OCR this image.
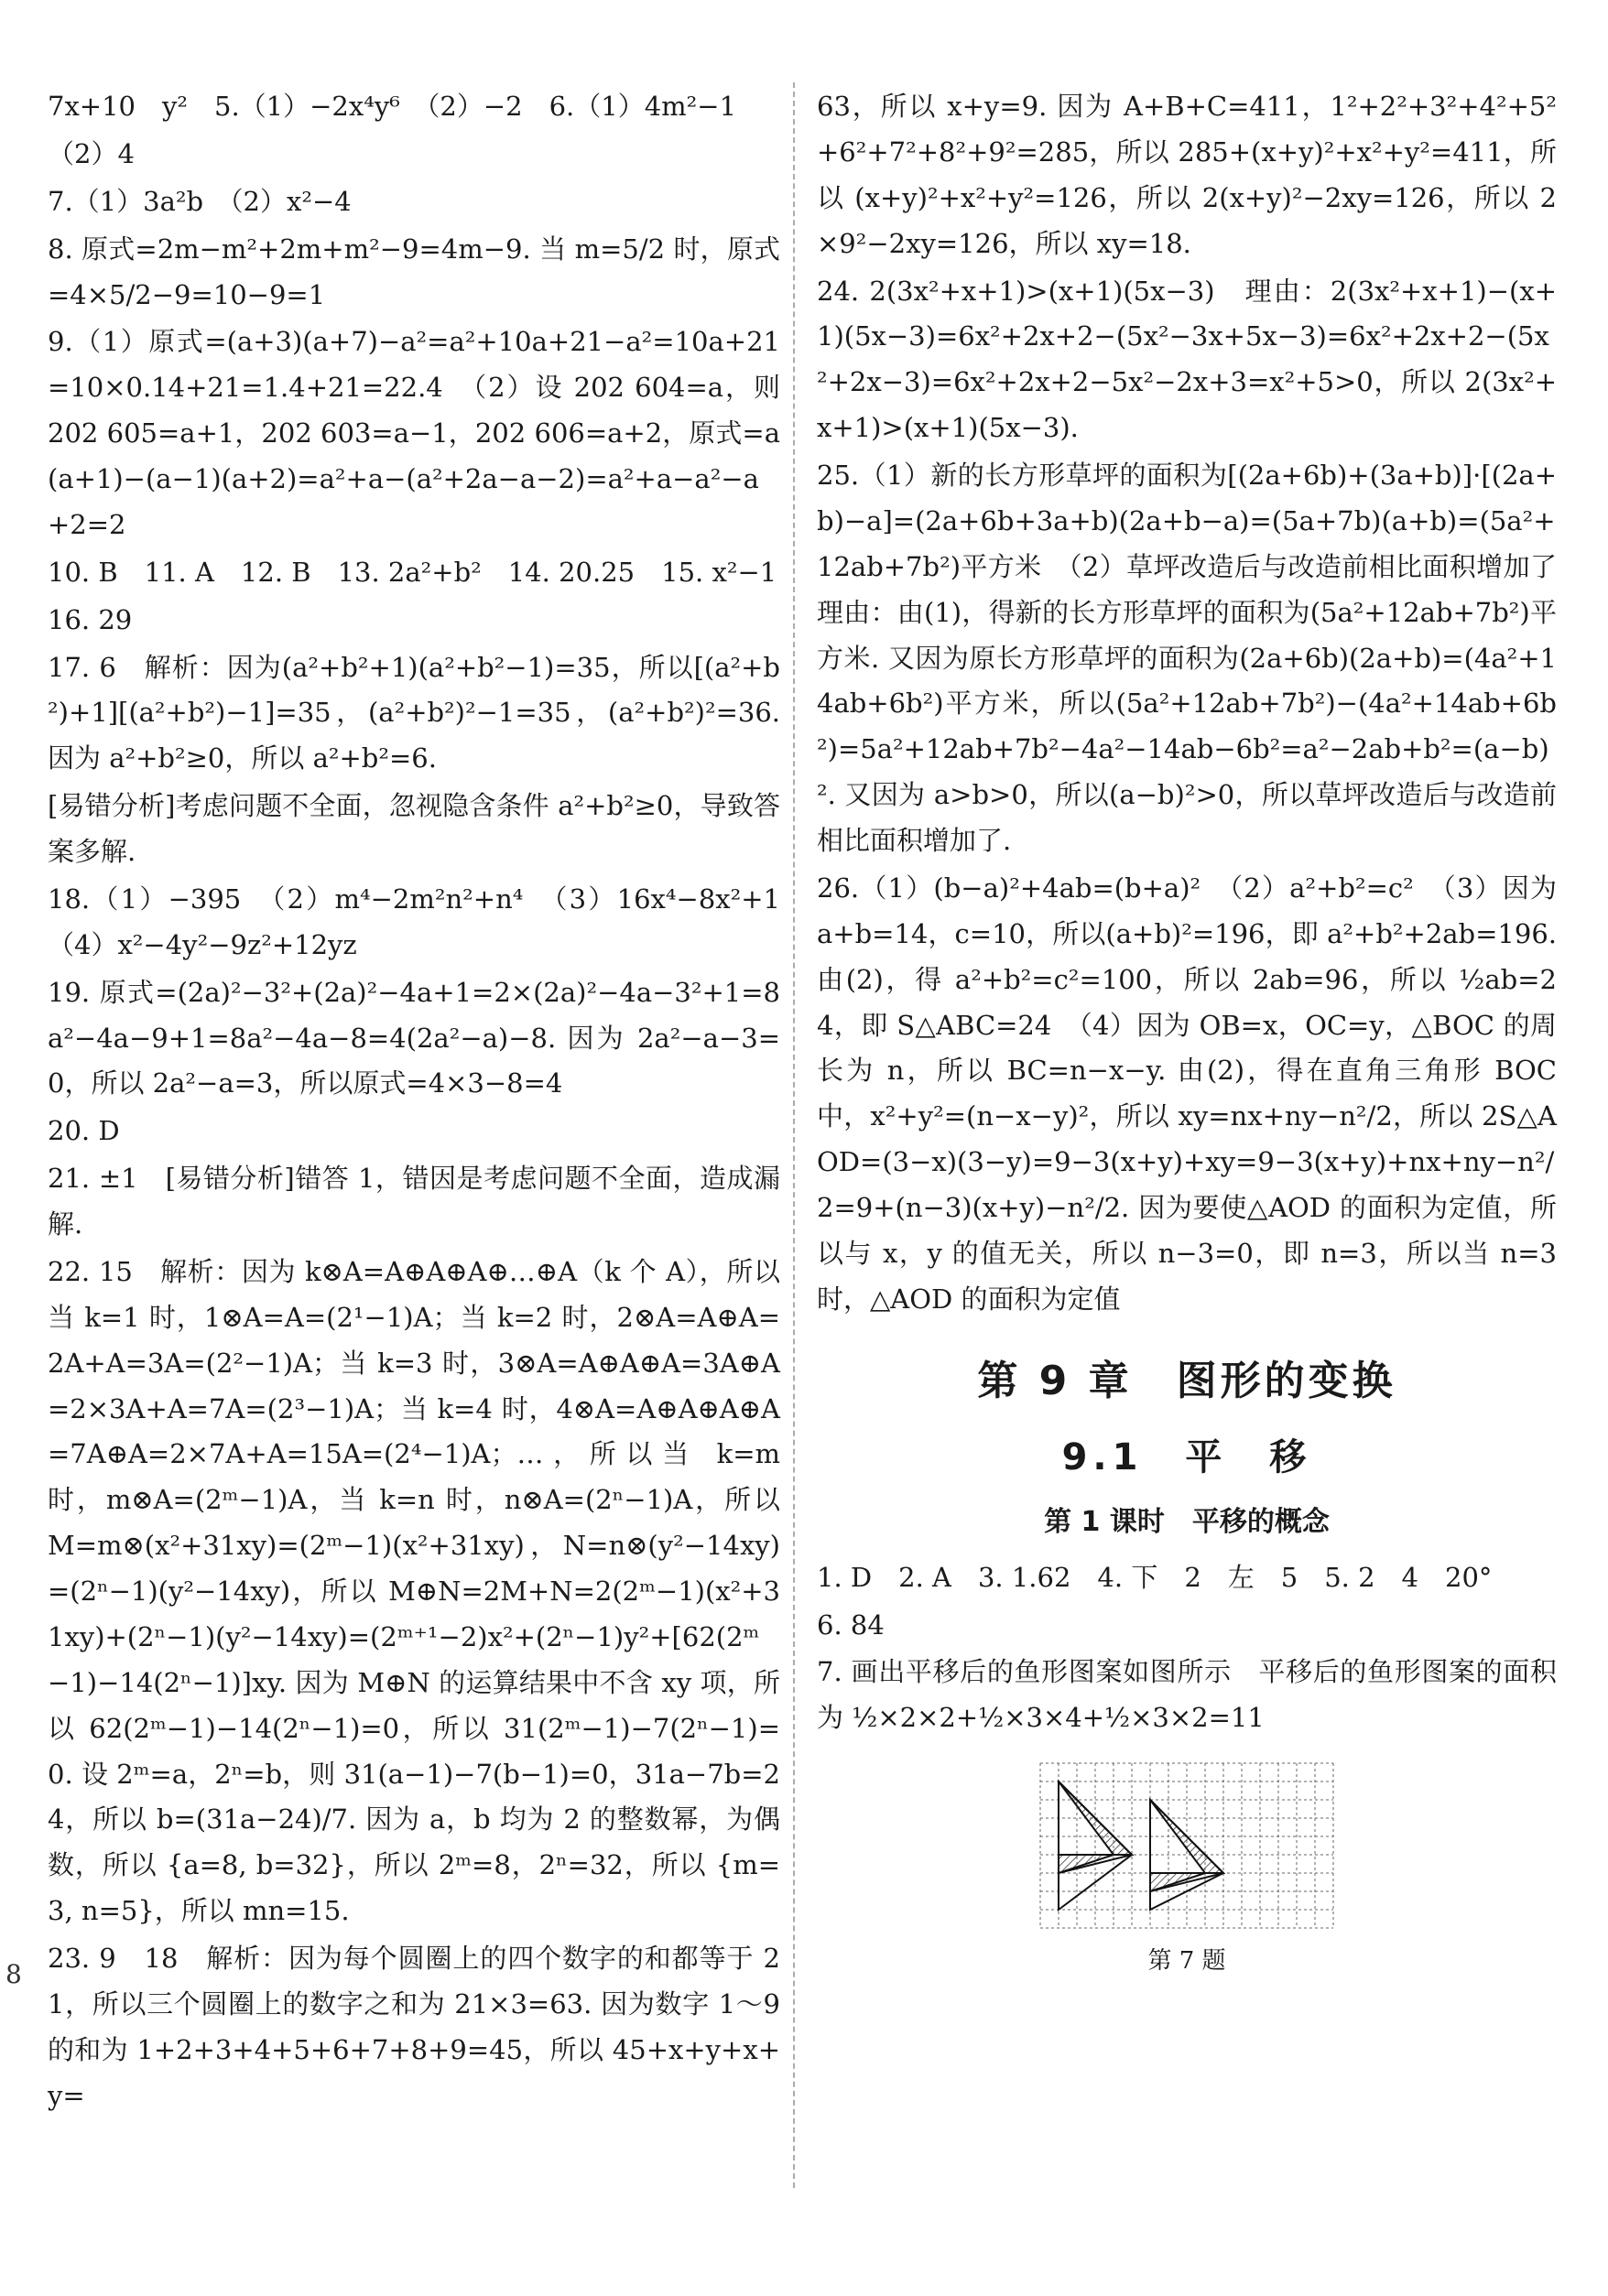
8

7x+10　y²　5.（1）−2x⁴y⁶　（2）−2　6.（1）4m²−1

（2）4

7.（1）3a²b　（2）x²−4

8. 原式=2m−m²+2m+m²−9=4m−9. 当 m=5/2 时，原式=4×5/2−9=10−9=1

9.（1）原式=(a+3)(a+7)−a²=a²+10a+21−a²=10a+21=10×0.14+21=1.4+21=22.4　（2）设 202 604=a，则 202 605=a+1，202 603=a−1，202 606=a+2，原式=a(a+1)−(a−1)(a+2)=a²+a−(a²+2a−a−2)=a²+a−a²−a+2=2

10. B　11. A　12. B　13. 2a²+b²　14. 20.25　15. x²−1

16. 29

17. 6　解析：因为(a²+b²+1)(a²+b²−1)=35，所以[(a²+b²)+1][(a²+b²)−1]=35，(a²+b²)²−1=35，(a²+b²)²=36. 因为 a²+b²≥0，所以 a²+b²=6.

[易错分析]考虑问题不全面，忽视隐含条件 a²+b²≥0，导致答案多解.

18.（1）−395　（2）m⁴−2m²n²+n⁴　（3）16x⁴−8x²+1　（4）x²−4y²−9z²+12yz

19. 原式=(2a)²−3²+(2a)²−4a+1=2×(2a)²−4a−3²+1=8a²−4a−9+1=8a²−4a−8=4(2a²−a)−8. 因为 2a²−a−3=0，所以 2a²−a=3，所以原式=4×3−8=4

20. D

21. ±1　[易错分析]错答 1，错因是考虑问题不全面，造成漏解.

22. 15　解析：因为 k⊗A=A⊕A⊕A⊕…⊕A（k 个 A），所以当 k=1 时，1⊗A=A=(2¹−1)A；当 k=2 时，2⊗A=A⊕A=2A+A=3A=(2²−1)A；当 k=3 时，3⊗A=A⊕A⊕A=3A⊕A=2×3A+A=7A=(2³−1)A；当 k=4 时，4⊗A=A⊕A⊕A⊕A=7A⊕A=2×7A+A=15A=(2⁴−1)A；…，所以当 k=m 时，m⊗A=(2ᵐ−1)A，当 k=n 时，n⊗A=(2ⁿ−1)A，所以 M=m⊗(x²+31xy)=(2ᵐ−1)(x²+31xy)，N=n⊗(y²−14xy)=(2ⁿ−1)(y²−14xy)，所以 M⊕N=2M+N=2(2ᵐ−1)(x²+31xy)+(2ⁿ−1)(y²−14xy)=(2ᵐ⁺¹−2)x²+(2ⁿ−1)y²+[62(2ᵐ−1)−14(2ⁿ−1)]xy. 因为 M⊕N 的运算结果中不含 xy 项，所以 62(2ᵐ−1)−14(2ⁿ−1)=0，所以 31(2ᵐ−1)−7(2ⁿ−1)=0. 设 2ᵐ=a，2ⁿ=b，则 31(a−1)−7(b−1)=0，31a−7b=24，所以 b=(31a−24)/7. 因为 a，b 均为 2 的整数幂，为偶数，所以 {a=8, b=32}，所以 2ᵐ=8，2ⁿ=32，所以 {m=3, n=5}，所以 mn=15.

23. 9　18　解析：因为每个圆圈上的四个数字的和都等于 21，所以三个圆圈上的数字之和为 21×3=63. 因为数字 1～9 的和为 1+2+3+4+5+6+7+8+9=45，所以 45+x+y+x+y=

63，所以 x+y=9. 因为 A+B+C=411，1²+2²+3²+4²+5²+6²+7²+8²+9²=285，所以 285+(x+y)²+x²+y²=411，所以 (x+y)²+x²+y²=126，所以 2(x+y)²−2xy=126，所以 2×9²−2xy=126，所以 xy=18.

24. 2(3x²+x+1)>(x+1)(5x−3)　理由：2(3x²+x+1)−(x+1)(5x−3)=6x²+2x+2−(5x²−3x+5x−3)=6x²+2x+2−(5x²+2x−3)=6x²+2x+2−5x²−2x+3=x²+5>0，所以 2(3x²+x+1)>(x+1)(5x−3).

25.（1）新的长方形草坪的面积为[(2a+6b)+(3a+b)]·[(2a+b)−a]=(2a+6b+3a+b)(2a+b−a)=(5a+7b)(a+b)=(5a²+12ab+7b²)平方米　（2）草坪改造后与改造前相比面积增加了　理由：由(1)，得新的长方形草坪的面积为(5a²+12ab+7b²)平方米. 又因为原长方形草坪的面积为(2a+6b)(2a+b)=(4a²+14ab+6b²)平方米，所以(5a²+12ab+7b²)−(4a²+14ab+6b²)=5a²+12ab+7b²−4a²−14ab−6b²=a²−2ab+b²=(a−b)². 又因为 a>b>0，所以(a−b)²>0，所以草坪改造后与改造前相比面积增加了.

26.（1）(b−a)²+4ab=(b+a)²　（2）a²+b²=c²　（3）因为 a+b=14，c=10，所以(a+b)²=196，即 a²+b²+2ab=196. 由(2)，得 a²+b²=c²=100，所以 2ab=96，所以 ½ab=24，即 S△ABC=24　（4）因为 OB=x，OC=y，△BOC 的周长为 n，所以 BC=n−x−y. 由(2)，得在直角三角形 BOC 中，x²+y²=(n−x−y)²，所以 xy=nx+ny−n²/2，所以 2S△AOD=(3−x)(3−y)=9−3(x+y)+xy=9−3(x+y)+nx+ny−n²/2=9+(n−3)(x+y)−n²/2. 因为要使△AOD 的面积为定值，所以与 x，y 的值无关，所以 n−3=0，即 n=3，所以当 n=3 时，△AOD 的面积为定值

第 9 章　图形的变换
9.1　平　移
第 1 课时　平移的概念

1. D　2. A　3. 1.62　4. 下　2　左　5　5. 2　4　20°

6. 84

7. 画出平移后的鱼形图案如图所示　平移后的鱼形图案的面积为 ½×2×2+½×3×4+½×3×2=11

第 7 题
